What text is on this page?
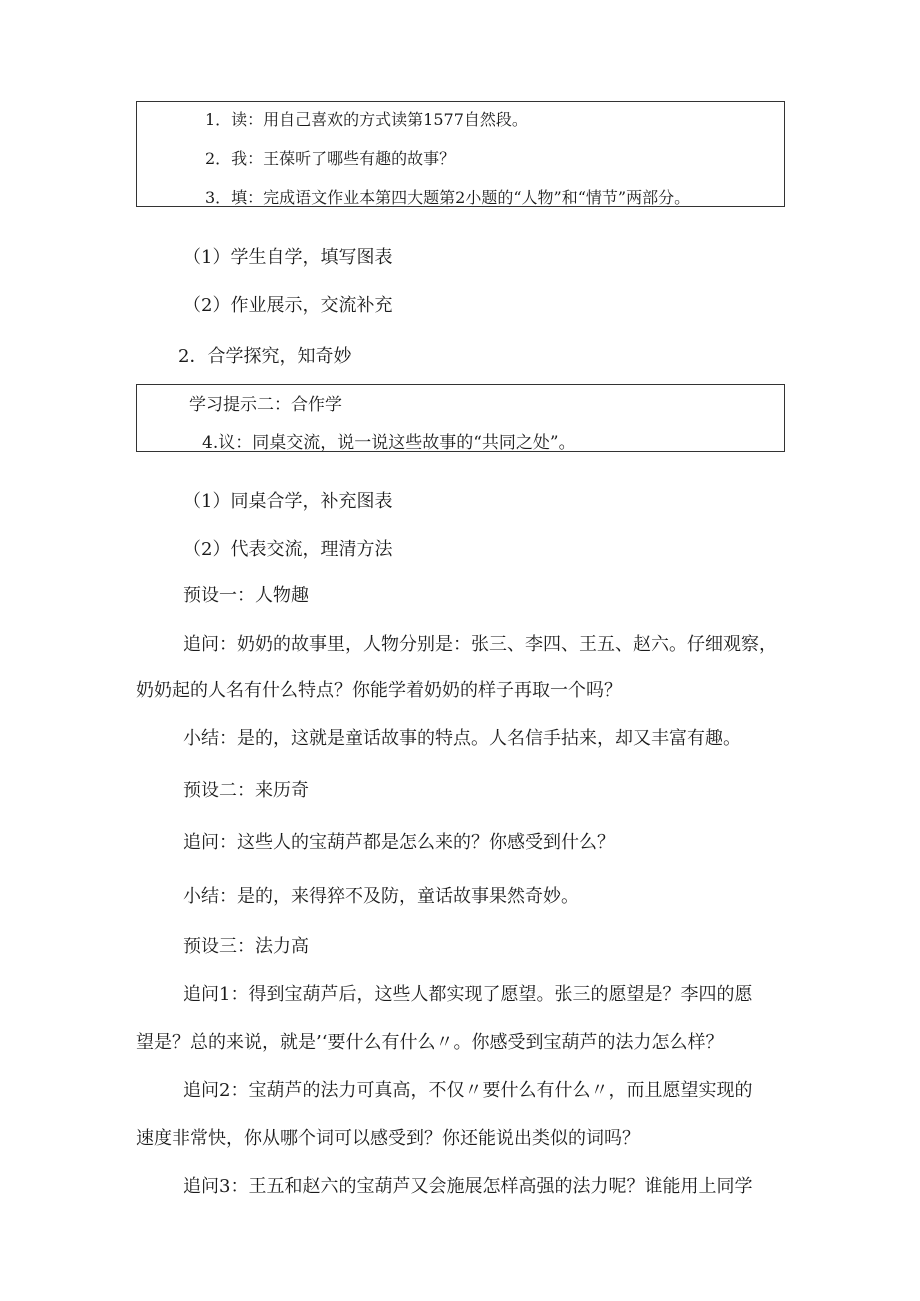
1．读：用自己喜欢的方式读第1577自然段。
2．我：王葆听了哪些有趣的故事？
3．填：完成语文作业本第四大题第2小题的“人物”和“情节”两部分。
（1）学生自学，填写图表
（2）作业展示，交流补充
2．合学探究，知奇妙
学习提示二：合作学
4.议：同桌交流，说一说这些故事的“共同之处”。
（1）同桌合学，补充图表
（2）代表交流，理清方法
预设一：人物趣
追问：奶奶的故事里，人物分别是：张三、李四、王五、赵六。仔细观察，
奶奶起的人名有什么特点？你能学着奶奶的样子再取一个吗？
小结：是的，这就是童话故事的特点。人名信手拈来，却又丰富有趣。
预设二：来历奇
追问：这些人的宝葫芦都是怎么来的？你感受到什么？
小结：是的，来得猝不及防，童话故事果然奇妙。
预设三：法力高
追问1：得到宝葫芦后，这些人都实现了愿望。张三的愿望是？李四的愿
望是？总的来说，就是’‘要什么有什么〃。你感受到宝葫芦的法力怎么样？
追问2：宝葫芦的法力可真高，不仅〃要什么有什么〃，而且愿望实现的
速度非常快，你从哪个词可以感受到？你还能说出类似的词吗？
追问3：王五和赵六的宝葫芦又会施展怎样高强的法力呢？谁能用上同学
